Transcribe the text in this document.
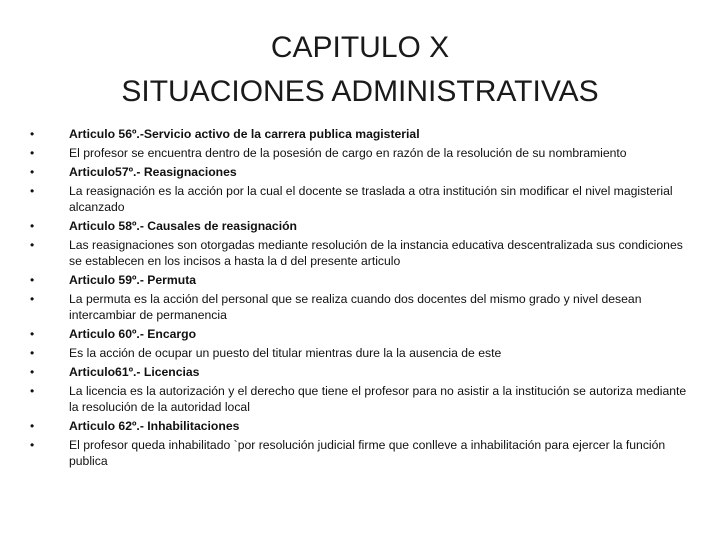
CAPITULO X
SITUACIONES ADMINISTRATIVAS
•	Articulo 56º.-Servicio activo de la carrera publica magisterial
•	El profesor se encuentra dentro de la posesión de cargo en razón de la resolución de su nombramiento
•	Articulo57º.- Reasignaciones
•	La reasignación es la acción por la cual el docente se traslada a otra institución sin modificar el nivel magisterial alcanzado
•	Articulo 58º.- Causales de reasignación
•	Las reasignaciones son otorgadas mediante resolución de la instancia educativa descentralizada sus condiciones se establecen en los incisos a hasta la d del presente articulo
•	Articulo 59º.- Permuta
•	La permuta es la acción del personal que se realiza cuando dos docentes del mismo grado y nivel desean intercambiar de permanencia
•	Articulo 60º.- Encargo
•	Es la acción de ocupar un puesto del titular mientras dure la la ausencia de este
•	Articulo61º.- Licencias
•	La licencia es la autorización y el derecho que tiene el profesor para no asistir a la institución se autoriza mediante la resolución de la autoridad local
•	Articulo 62º.- Inhabilitaciones
•	El profesor queda inhabilitado `por resolución judicial firme que conlleve a inhabilitación para ejercer la función publica
